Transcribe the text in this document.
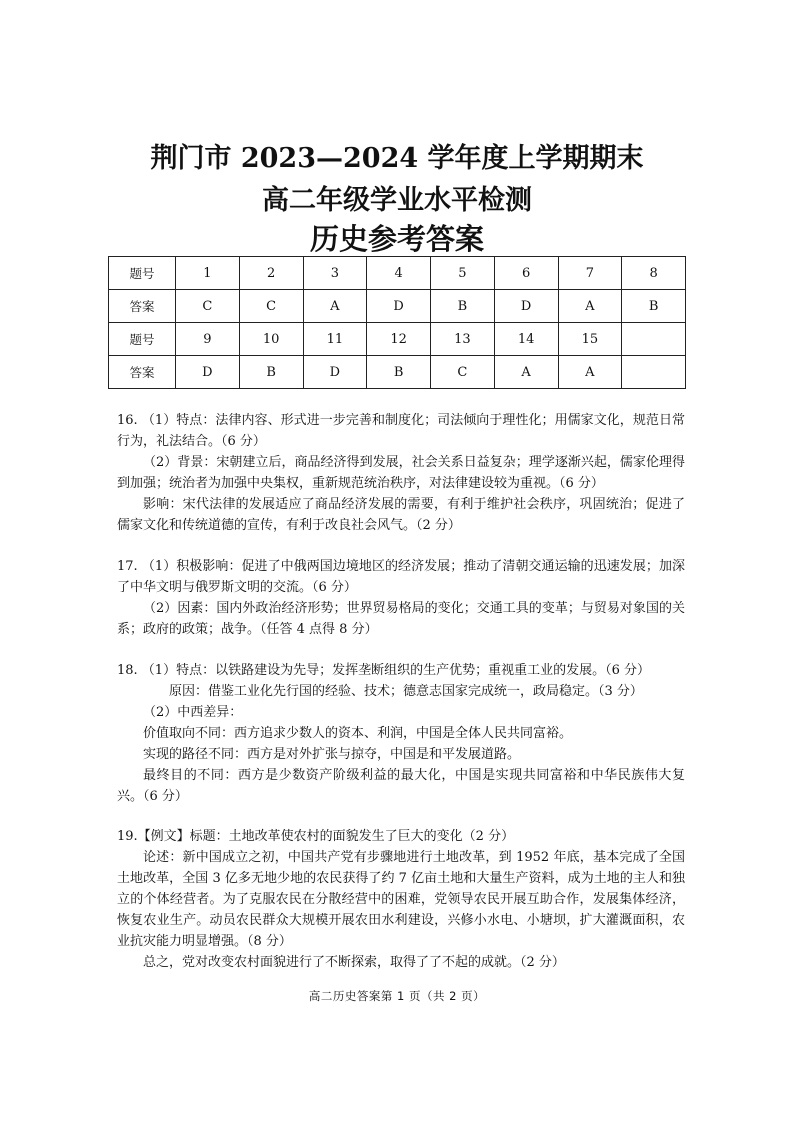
荆门市 2023—2024 学年度上学期期末
高二年级学业水平检测
历史参考答案
题号	1	2	3	4	5	6	7	8
答案	C	C	A	D	B	D	A	B
题号	9	10	11	12	13	14	15	
答案	D	B	D	B	C	A	A	

16. （1）特点：法律内容、形式进一步完善和制度化；司法倾向于理性化；用儒家文化，规范日常行为，礼法结合。（6 分）

（2）背景：宋朝建立后，商品经济得到发展，社会关系日益复杂；理学逐渐兴起，儒家伦理得到加强；统治者为加强中央集权，重新规范统治秩序，对法律建设较为重视。（6 分）

影响：宋代法律的发展适应了商品经济发展的需要，有利于维护社会秩序，巩固统治；促进了儒家文化和传统道德的宣传，有利于改良社会风气。（2 分）

17. （1）积极影响：促进了中俄两国边境地区的经济发展；推动了清朝交通运输的迅速发展；加深了中华文明与俄罗斯文明的交流。（6 分）

（2）因素：国内外政治经济形势；世界贸易格局的变化；交通工具的变革；与贸易对象国的关系；政府的政策；战争。（任答 4 点得 8 分）

18. （1）特点：以铁路建设为先导；发挥垄断组织的生产优势；重视重工业的发展。（6 分）

原因：借鉴工业化先行国的经验、技术；德意志国家完成统一，政局稳定。（3 分）

（2）中西差异：

价值取向不同：西方追求少数人的资本、利润，中国是全体人民共同富裕。

实现的路径不同：西方是对外扩张与掠夺，中国是和平发展道路。

最终目的不同：西方是少数资产阶级利益的最大化，中国是实现共同富裕和中华民族伟大复兴。（6 分）

19.【例文】标题：土地改革使农村的面貌发生了巨大的变化（2 分）

论述：新中国成立之初，中国共产党有步骤地进行土地改革，到 1952 年底，基本完成了全国土地改革，全国 3 亿多无地少地的农民获得了约 7 亿亩土地和大量生产资料，成为土地的主人和独立的个体经营者。为了克服农民在分散经营中的困难，党领导农民开展互助合作，发展集体经济，恢复农业生产。动员农民群众大规模开展农田水利建设，兴修小水电、小塘坝，扩大灌溉面积，农业抗灾能力明显增强。（8 分）

总之，党对改变农村面貌进行了不断探索，取得了了不起的成就。（2 分）

高二历史答案第 1 页（共 2 页）
